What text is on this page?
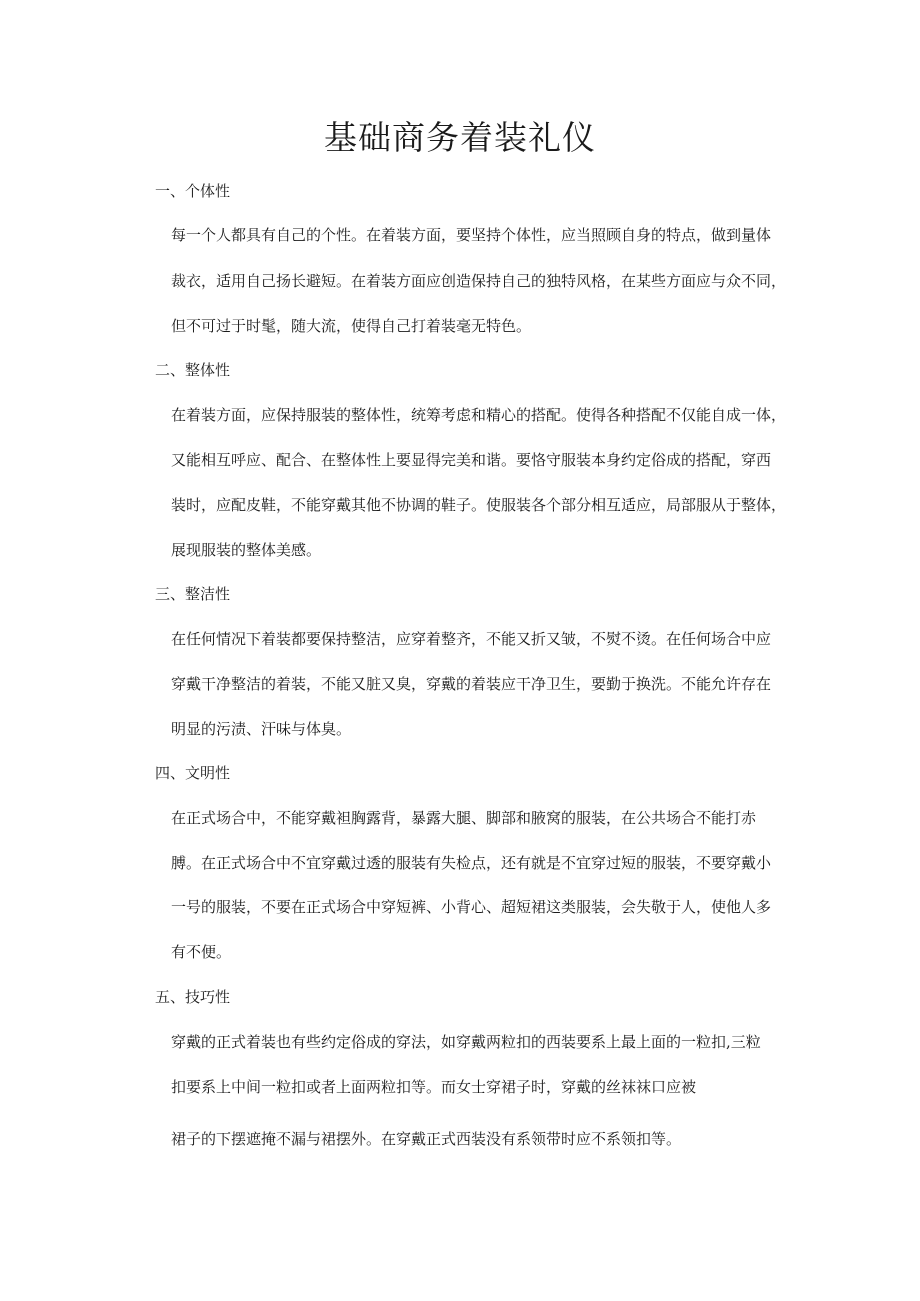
基础商务着装礼仪
一、个体性

每一个人都具有自己的个性。在着装方面，要坚持个体性，应当照顾自身的特点，做到量体

裁衣，适用自己扬长避短。在着装方面应创造保持自己的独特风格，在某些方面应与众不同，

但不可过于时髦，随大流，使得自己打着装毫无特色。

二、整体性

在着装方面，应保持服装的整体性，统筹考虑和精心的搭配。使得各种搭配不仅能自成一体，

又能相互呼应、配合、在整体性上要显得完美和谐。要恪守服装本身约定俗成的搭配，穿西

装时，应配皮鞋，不能穿戴其他不协调的鞋子。使服装各个部分相互适应，局部服从于整体，

展现服装的整体美感。

三、整洁性

在任何情况下着装都要保持整洁，应穿着整齐，不能又折又皱，不熨不烫。在任何场合中应

穿戴干净整洁的着装，不能又脏又臭，穿戴的着装应干净卫生，要勤于换洗。不能允许存在

明显的污渍、汗味与体臭。

四、文明性

在正式场合中，不能穿戴袒胸露背，暴露大腿、脚部和腋窝的服装，在公共场合不能打赤

膊。在正式场合中不宜穿戴过透的服装有失检点，还有就是不宜穿过短的服装，不要穿戴小

一号的服装，不要在正式场合中穿短裤、小背心、超短裙这类服装，会失敬于人，使他人多

有不便。

五、技巧性

穿戴的正式着装也有些约定俗成的穿法，如穿戴两粒扣的西装要系上最上面的一粒扣,三粒

扣要系上中间一粒扣或者上面两粒扣等。而女士穿裙子时，穿戴的丝袜袜口应被

裙子的下摆遮掩不漏与裙摆外。在穿戴正式西装没有系领带时应不系领扣等。
